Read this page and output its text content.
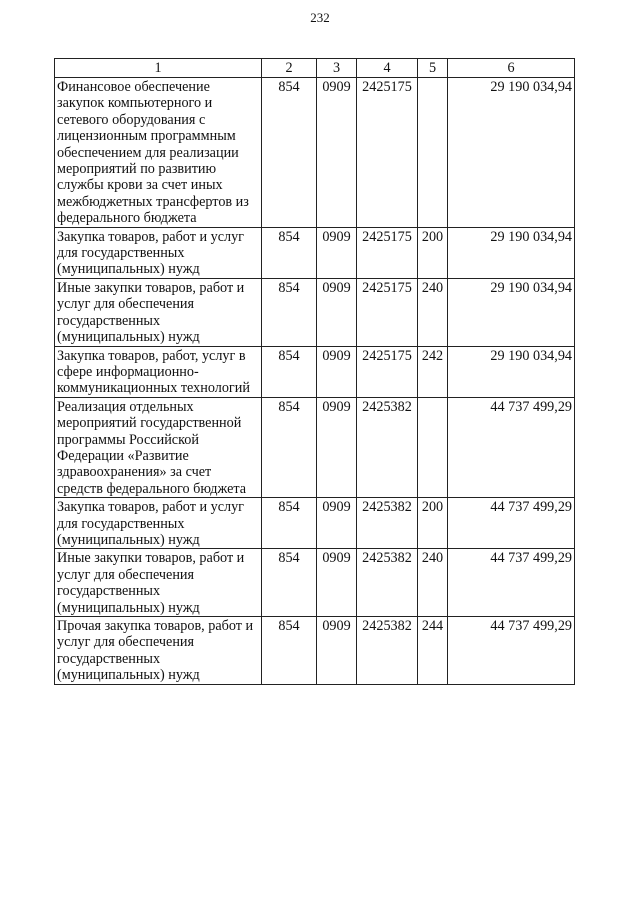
232
1	2	3	4	5	6
Финансовое обеспечение закупок компьютерного и сетевого оборудования с лицензионным программным обеспечением для реализации мероприятий по развитию службы крови за счет иных межбюджетных трансфертов из федерального бюджета	854	0909	2425175		29 190 034,94
Закупка товаров, работ и услуг для государственных (муниципальных) нужд	854	0909	2425175	200	29 190 034,94
Иные закупки товаров, работ и услуг для обеспечения государственных (муниципальных) нужд	854	0909	2425175	240	29 190 034,94
Закупка товаров, работ, услуг в сфере информационно-коммуникационных технологий	854	0909	2425175	242	29 190 034,94
Реализация отдельных мероприятий государственной программы Российской Федерации «Развитие здравоохранения» за счет средств федерального бюджета	854	0909	2425382		44 737 499,29
Закупка товаров, работ и услуг для государственных (муниципальных) нужд	854	0909	2425382	200	44 737 499,29
Иные закупки товаров, работ и услуг для обеспечения государственных (муниципальных) нужд	854	0909	2425382	240	44 737 499,29
Прочая закупка товаров, работ и услуг для обеспечения государственных (муниципальных) нужд	854	0909	2425382	244	44 737 499,29
